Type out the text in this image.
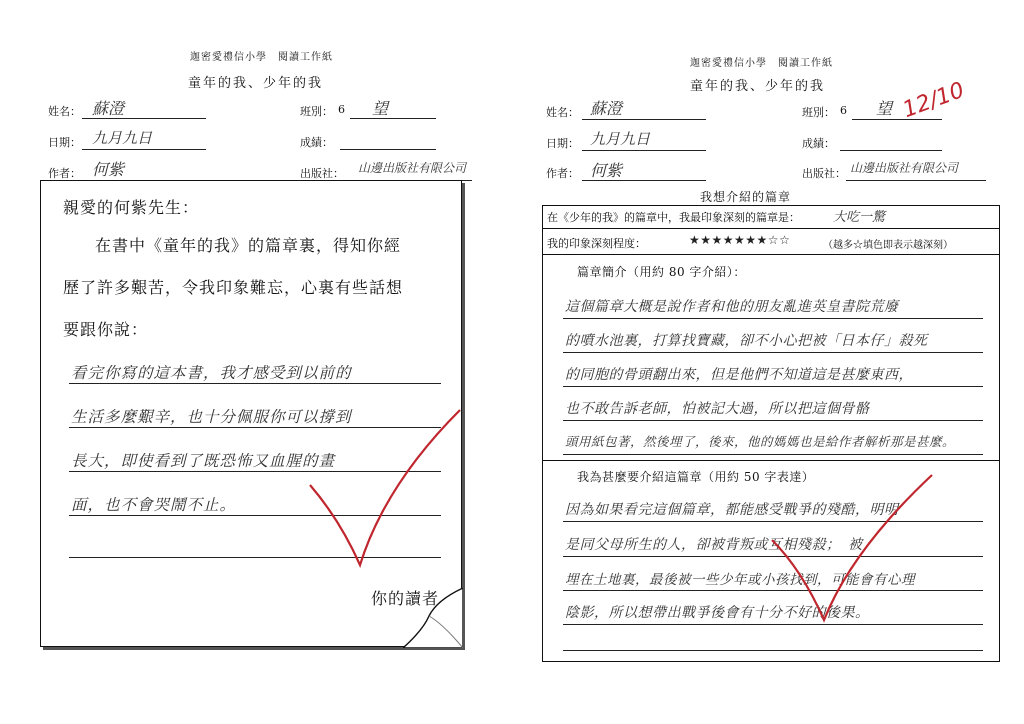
迦密愛禮信小學　閱讀工作紙
童年的我、少年的我
姓名： 蘇澄	班別： 6 望
日期： 九月九日	成績：
作者： 何紫	出版社： 山邊出版社有限公司
親愛的何紫先生：
在書中《童年的我》的篇章裏，得知你經
歷了許多艱苦，令我印象難忘，心裏有些話想
要跟你說：
看完你寫的這本書，我才感受到以前的
生活多麼艱辛，也十分佩服你可以撐到
長大，即使看到了既恐怖又血腥的畫
面，也不會哭鬧不止。
你的讀者
迦密愛禮信小學　閱讀工作紙
童年的我、少年的我
姓名： 蘇澄	班別： 6 望
日期： 九月九日	成績：
作者： 何紫	出版社： 山邊出版社有限公司
12/10
我想介紹的篇章
在《少年的我》的篇章中，我最印象深刻的篇章是：	大吃一驚
我的印象深刻程度：	★★★★★★★☆☆	（越多☆填色即表示越深刻）
篇章簡介（用約 80 字介紹）：
這個篇章大概是說作者和他的朋友亂進英皇書院荒廢
的噴水池裏，打算找寶藏，卻不小心把被「日本仔」殺死
的同胞的骨頭翻出來，但是他們不知道這是甚麼東西，
也不敢告訴老師，怕被記大過，所以把這個骨骼
頭用紙包著，然後埋了，後來，他的媽媽也是給作者解析那是甚麼。
我為甚麼要介紹這篇章（用約 50 字表達）
因為如果看完這個篇章，都能感受戰爭的殘酷，明明
是同父母所生的人，卻被背叛或互相殘殺；　被
埋在土地裏，最後被一些少年或小孩找到，可能會有心理
陰影，所以想帶出戰爭後會有十分不好的後果。
